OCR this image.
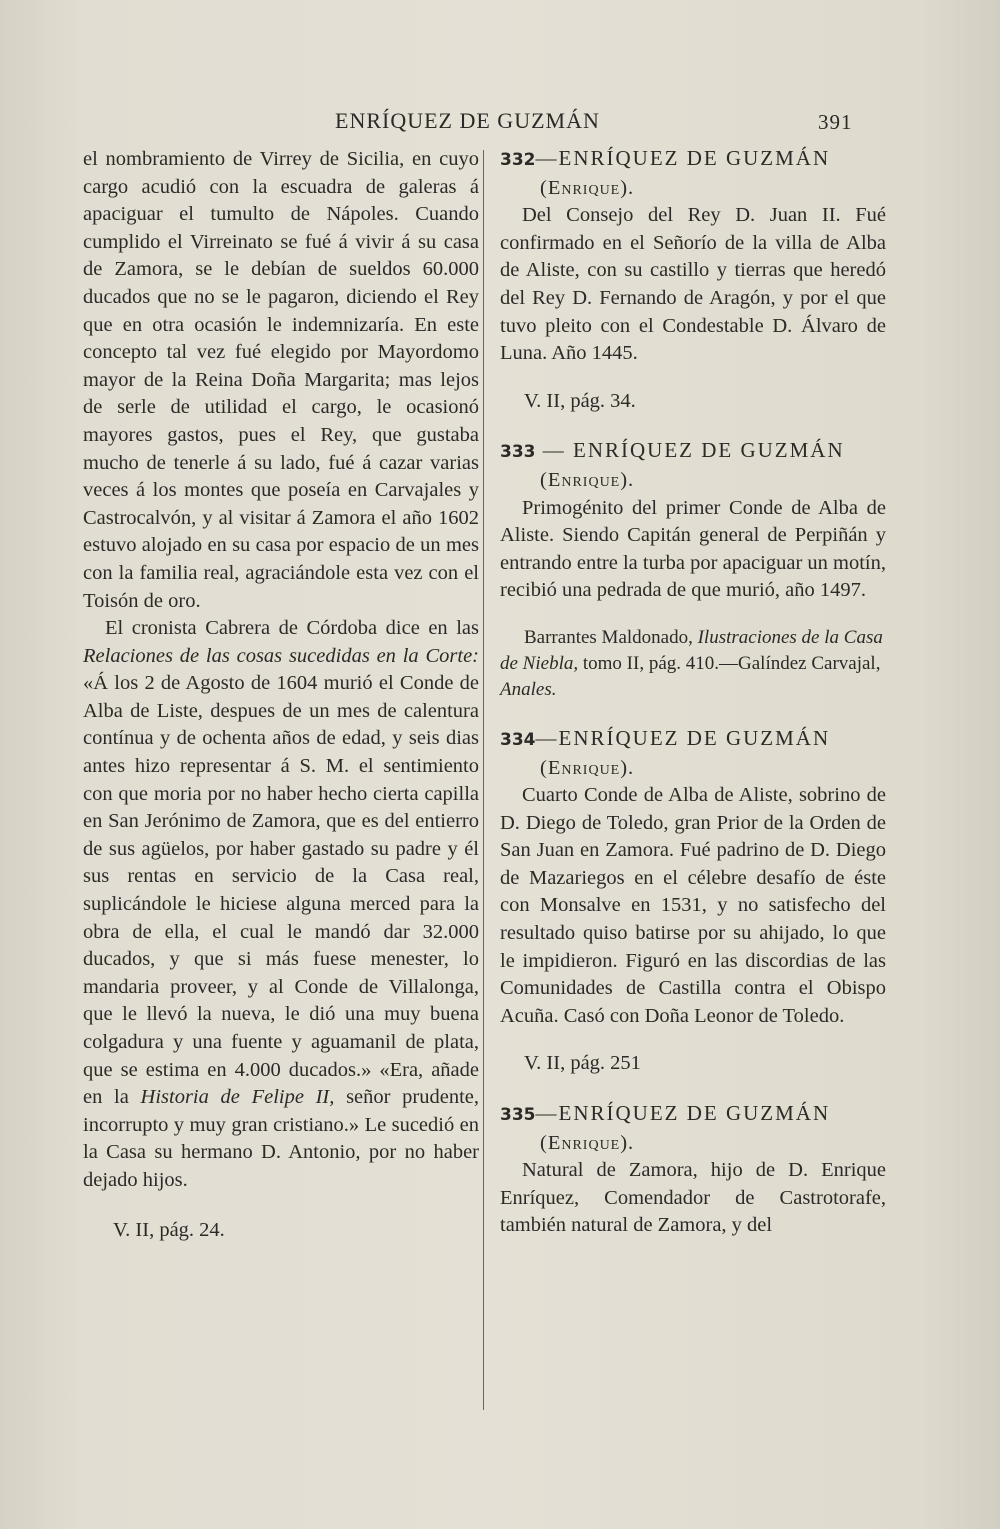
ENRÍQUEZ DE GUZMÁN	391

el nombramiento de Virrey de Sicilia, en cuyo cargo acudió con la escuadra de galeras á apaciguar el tumulto de Nápoles. Cuando cumplido el Virreinato se fué á vivir á su casa de Zamora, se le debían de sueldos 60.000 ducados que no se le pagaron, diciendo el Rey que en otra ocasión le indemnizaría. En este concepto tal vez fué elegido por Mayordomo mayor de la Reina Doña Margarita; mas lejos de serle de utilidad el cargo, le ocasionó mayores gastos, pues el Rey, que gustaba mucho de tenerle á su lado, fué á cazar varias veces á los montes que poseía en Carvajales y Castrocalvón, y al visitar á Zamora el año 1602 estuvo alojado en su casa por espacio de un mes con la familia real, agraciándole esta vez con el Toisón de oro.

El cronista Cabrera de Córdoba dice en las Relaciones de las cosas sucedidas en la Corte: «Á los 2 de Agosto de 1604 murió el Conde de Alba de Liste, despues de un mes de calentura contínua y de ochenta años de edad, y seis dias antes hizo representar á S. M. el sentimiento con que moria por no haber hecho cierta capilla en San Jerónimo de Zamora, que es del entierro de sus agüelos, por haber gastado su padre y él sus rentas en servicio de la Casa real, suplicándole le hiciese alguna merced para la obra de ella, el cual le mandó dar 32.000 ducados, y que si más fuese menester, lo mandaria proveer, y al Conde de Villalonga, que le llevó la nueva, le dió una muy buena colgadura y una fuente y aguamanil de plata, que se estima en 4.000 ducados.» «Era, añade en la Historia de Felipe II, señor prudente, incorrupto y muy gran cristiano.» Le sucedió en la Casa su hermano D. Antonio, por no haber dejado hijos.

V. II, pág. 24.
332—ENRÍQUEZ DE GUZMÁN
(Enrique).

Del Consejo del Rey D. Juan II. Fué confirmado en el Señorío de la villa de Alba de Aliste, con su castillo y tierras que heredó del Rey D. Fernando de Aragón, y por el que tuvo pleito con el Condestable D. Álvaro de Luna. Año 1445.

V. II, pág. 34.
333 — ENRÍQUEZ DE GUZMÁN
(Enrique).

Primogénito del primer Conde de Alba de Aliste. Siendo Capitán general de Perpiñán y entrando entre la turba por apaciguar un motín, recibió una pedrada de que murió, año 1497.

Barrantes Maldonado, Ilustraciones de la Casa de Niebla, tomo II, pág. 410.—Galíndez Carvajal, Anales.
334—ENRÍQUEZ DE GUZMÁN
(Enrique).

Cuarto Conde de Alba de Aliste, sobrino de D. Diego de Toledo, gran Prior de la Orden de San Juan en Zamora. Fué padrino de D. Diego de Mazariegos en el célebre desafío de éste con Monsalve en 1531, y no satisfecho del resultado quiso batirse por su ahijado, lo que le impidieron. Figuró en las discordias de las Comunidades de Castilla contra el Obispo Acuña. Casó con Doña Leonor de Toledo.

V. II, pág. 251
335—ENRÍQUEZ DE GUZMÁN
(Enrique).

Natural de Zamora, hijo de D. Enrique Enríquez, Comendador de Castrotorafe, también natural de Zamora, y del
